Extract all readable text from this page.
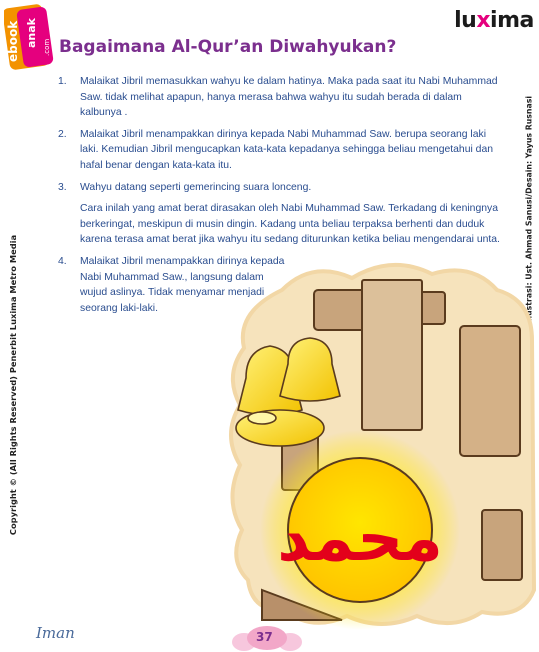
ebook anak .com
lu x ima
Bagaimana Al-Qur’an Diwahyukan?
Copyright © (All Rights Reserved) Penerbit Luxima Metro Media
محمد
1.	Malaikat Jibril memasukkan wahyu ke dalam hatinya. Maka pada saat itu Nabi Muhammad Saw. tidak melihat apapun, hanya merasa bahwa wahyu itu sudah berada di dalam kalbunya .
2.	Malaikat Jibril menampakkan dirinya kepada Nabi Muhammad Saw. berupa seorang laki laki. Kemudian Jibril mengucapkan kata-kata kepadanya sehingga beliau mengetahui dan hafal benar dengan kata-kata itu.
3.	Wahyu datang seperti gemerincing suara lonceng.
Cara inilah yang amat berat dirasakan oleh Nabi Muhammad Saw. Terkadang di keningnya berkeringat, meskipun di musin dingin. Kadang unta beliau terpaksa berhenti dan duduk karena terasa amat berat jika wahyu itu sedang diturunkan ketika beliau mengendarai unta.
4.	Malaikat Jibril menampakkan dirinya kepada Nabi Muhammad Saw., langsung dalam wujud aslinya. Tidak menyamar menjadi seorang laki-laki.
Iman	37
